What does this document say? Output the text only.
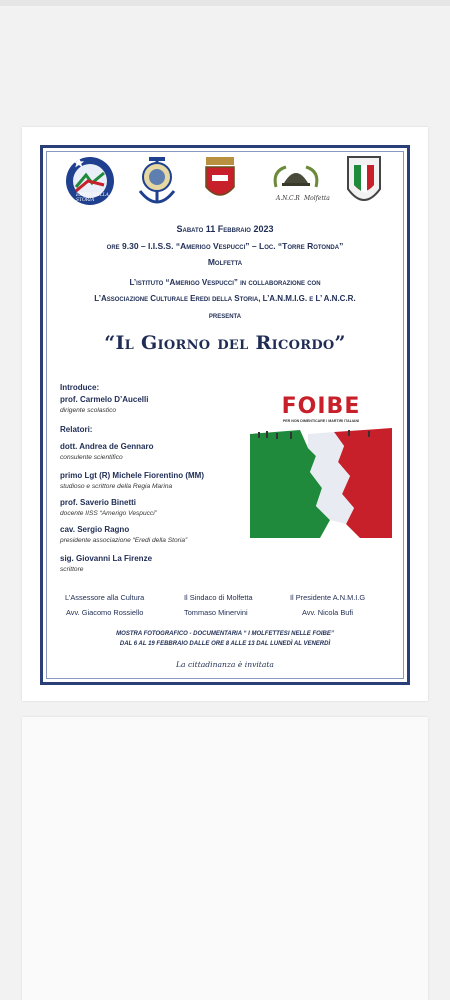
EREDI DELLA STORIA	A.N.C.R Molfetta
Sabato 11 Febbraio 2023
ore 9.30 – I.I.S.S. “Amerigo Vespucci” – Loc. “Torre Rotonda”
Molfetta
L’istituto “Amerigo Vespucci” in collaborazione con
L’Associazione Culturale Eredi della Storia, L’A.N.M.I.G. e L’ A.N.C.R.
presenta
“Il Giorno del Ricordo”
Introduce:
prof. Carmelo D’Aucelli
dirigente scolastico
Relatori:
dott. Andrea de Gennaro
consulente scientifico
primo Lgt (R) Michele Fiorentino (MM)
studioso e scrittore della Regia Marina
prof. Saverio Binetti
docente IISS “Amerigo Vespucci”
cav. Sergio Ragno
presidente associazione “Eredi della Storia”
sig. Giovanni La Firenze
scrittore
FOIBE
PER NON DIMENTICARE I MARTIRI ITALIANI
L’Assessore alla Cultura
Avv. Giacomo Rossiello
Il Sindaco di Molfetta
Tommaso Minervini
Il Presidente A.N.M.I.G
Avv. Nicola Bufi
MOSTRA FOTOGRAFICO - DOCUMENTARIA “ I MOLFETTESI NELLE FOIBE”
DAL 6 AL 19 FEBBRAIO DALLE ORE 8 ALLE 13 DAL LUNEDÌ AL VENERDÌ
La cittadinanza è invitata
